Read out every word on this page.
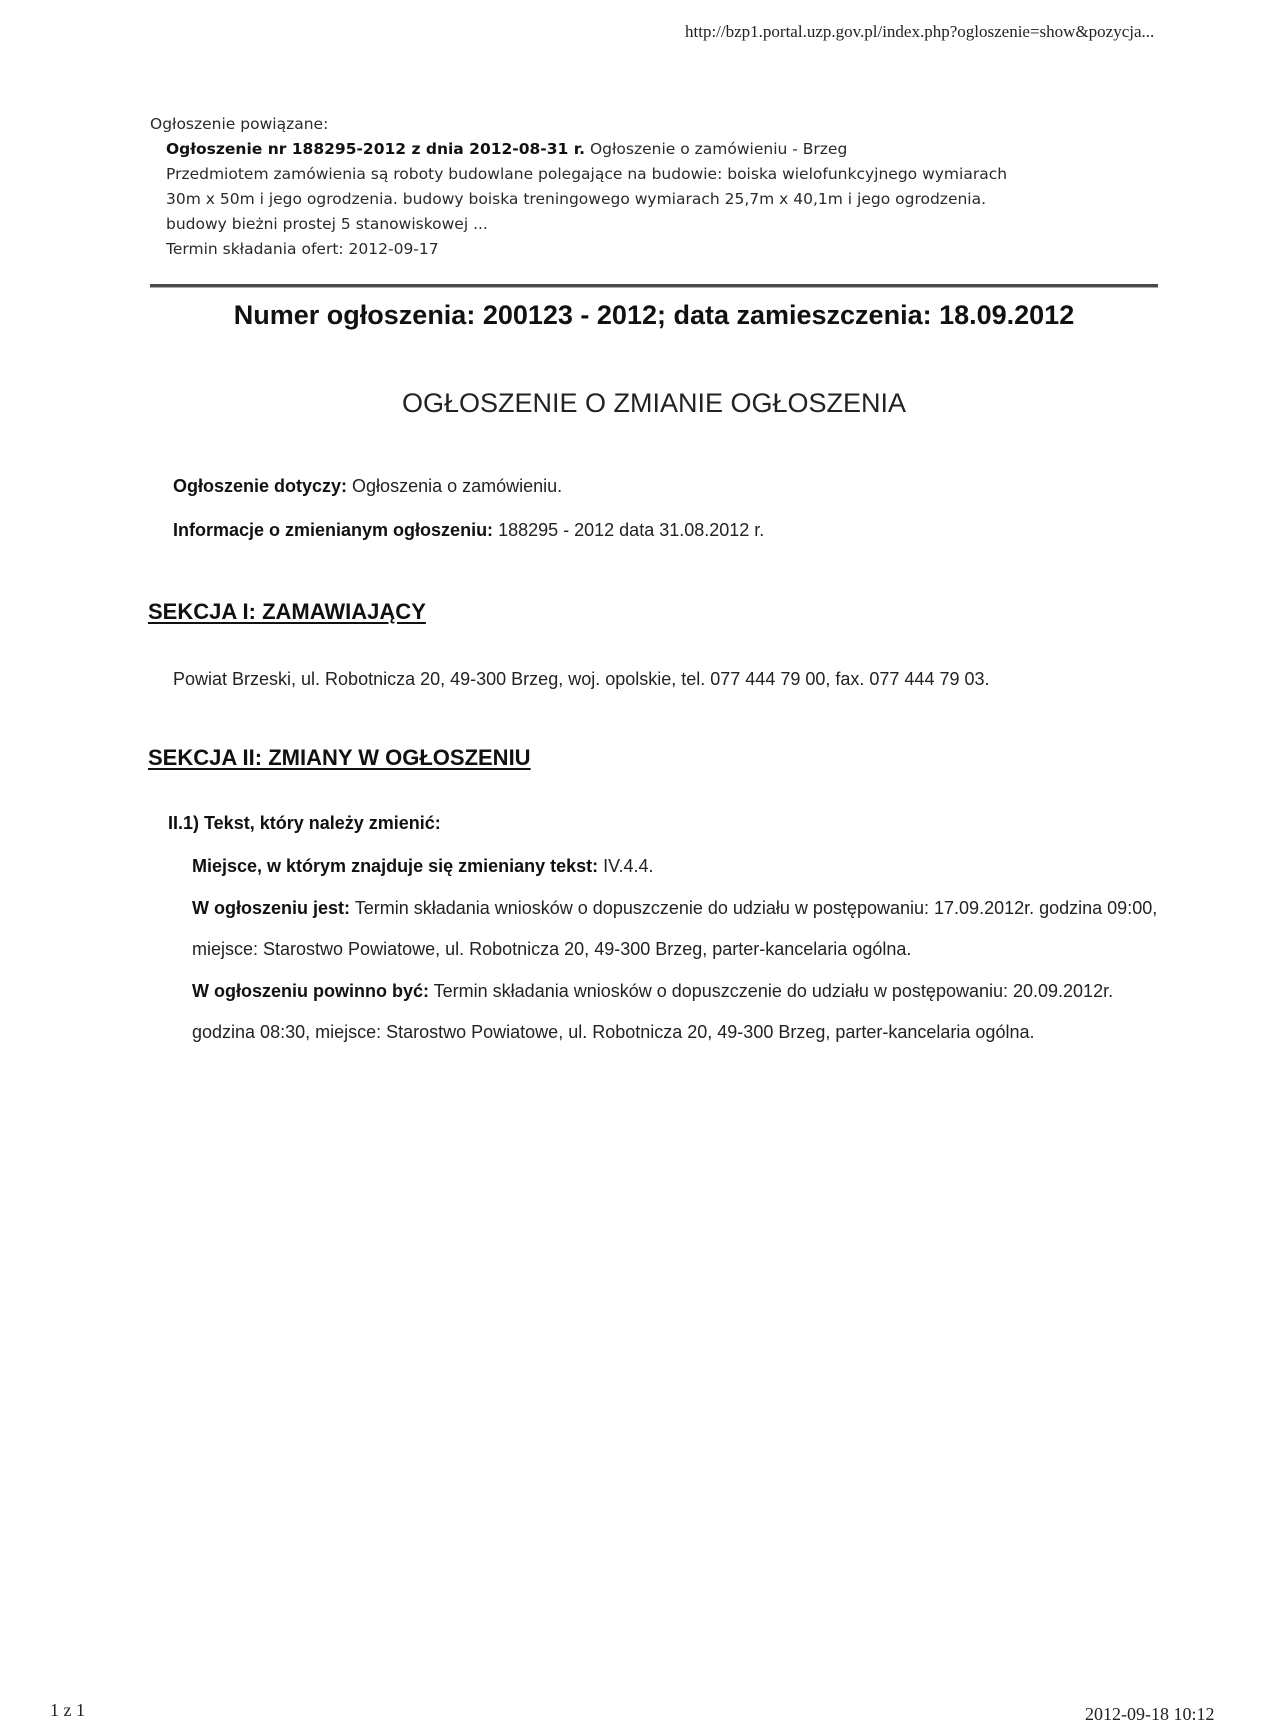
http://bzp1.portal.uzp.gov.pl/index.php?ogloszenie=show&pozycja...
Ogłoszenie powiązane:
Ogłoszenie nr 188295-2012 z dnia 2012-08-31 r. Ogłoszenie o zamówieniu - Brzeg
Przedmiotem zamówienia są roboty budowlane polegające na budowie: boiska wielofunkcyjnego wymiarach
30m x 50m i jego ogrodzenia. budowy boiska treningowego wymiarach 25,7m x 40,1m i jego ogrodzenia.
budowy bieżni prostej 5 stanowiskowej ...
Termin składania ofert: 2012-09-17
Numer ogłoszenia: 200123 - 2012; data zamieszczenia: 18.09.2012
OGŁOSZENIE O ZMIANIE OGŁOSZENIA
Ogłoszenie dotyczy: Ogłoszenia o zamówieniu.
Informacje o zmienianym ogłoszeniu: 188295 - 2012 data 31.08.2012 r.
SEKCJA I: ZAMAWIAJĄCY
Powiat Brzeski, ul. Robotnicza 20, 49-300 Brzeg, woj. opolskie, tel. 077 444 79 00, fax. 077 444 79 03.
SEKCJA II: ZMIANY W OGŁOSZENIU
II.1) Tekst, który należy zmienić:
Miejsce, w którym znajduje się zmieniany tekst: IV.4.4.
W ogłoszeniu jest: Termin składania wniosków o dopuszczenie do udziału w postępowaniu: 17.09.2012r. godzina 09:00, miejsce: Starostwo Powiatowe, ul. Robotnicza 20, 49-300 Brzeg, parter-kancelaria ogólna.
W ogłoszeniu powinno być: Termin składania wniosków o dopuszczenie do udziału w postępowaniu: 20.09.2012r. godzina 08:30, miejsce: Starostwo Powiatowe, ul. Robotnicza 20, 49-300 Brzeg, parter-kancelaria ogólna.
1 z 1	2012-09-18 10:12
